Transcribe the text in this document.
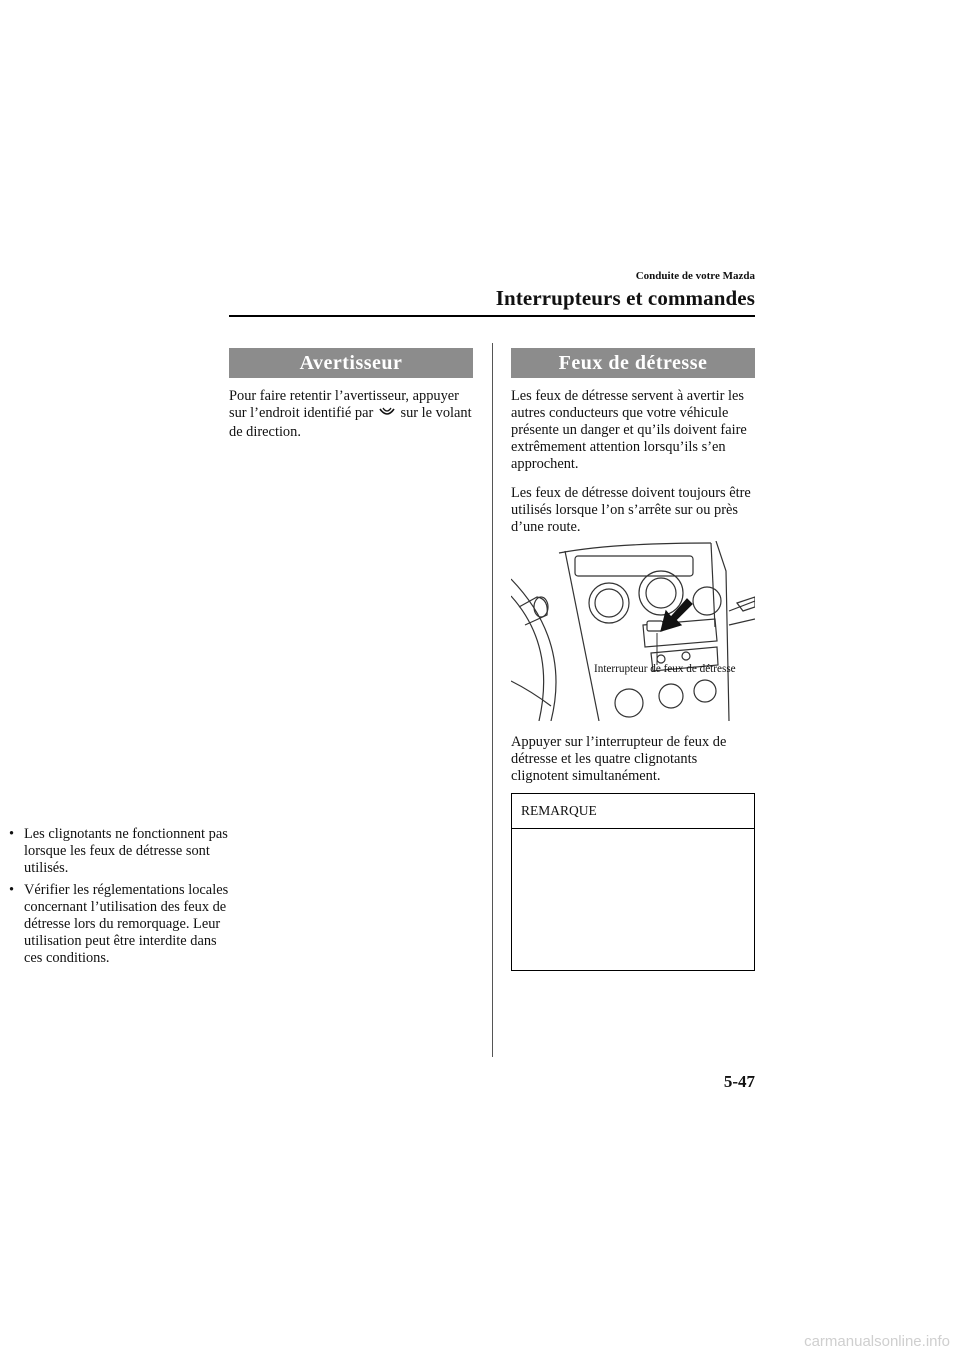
Conduite de votre Mazda
Interrupteurs et commandes
Avertisseur
Pour faire retentir l’avertisseur, appuyer sur l’endroit identifié par sur le volant de direction.
Feux de détresse
Les feux de détresse servent à avertir les autres conducteurs que votre véhicule présente un danger et qu’ils doivent faire extrêmement attention lorsqu’ils s’en approchent.
Les feux de détresse doivent toujours être utilisés lorsque l’on s’arrête sur ou près d’une route.
Interrupteur de feux de détresse
Appuyer sur l’interrupteur de feux de détresse et les quatre clignotants clignotent simultanément.
REMARQUE
• Les clignotants ne fonctionnent pas lorsque les feux de détresse sont utilisés.
• Vérifier les réglementations locales concernant l’utilisation des feux de détresse lors du remorquage. Leur utilisation peut être interdite dans ces conditions.
5-47
carmanualsonline.info
